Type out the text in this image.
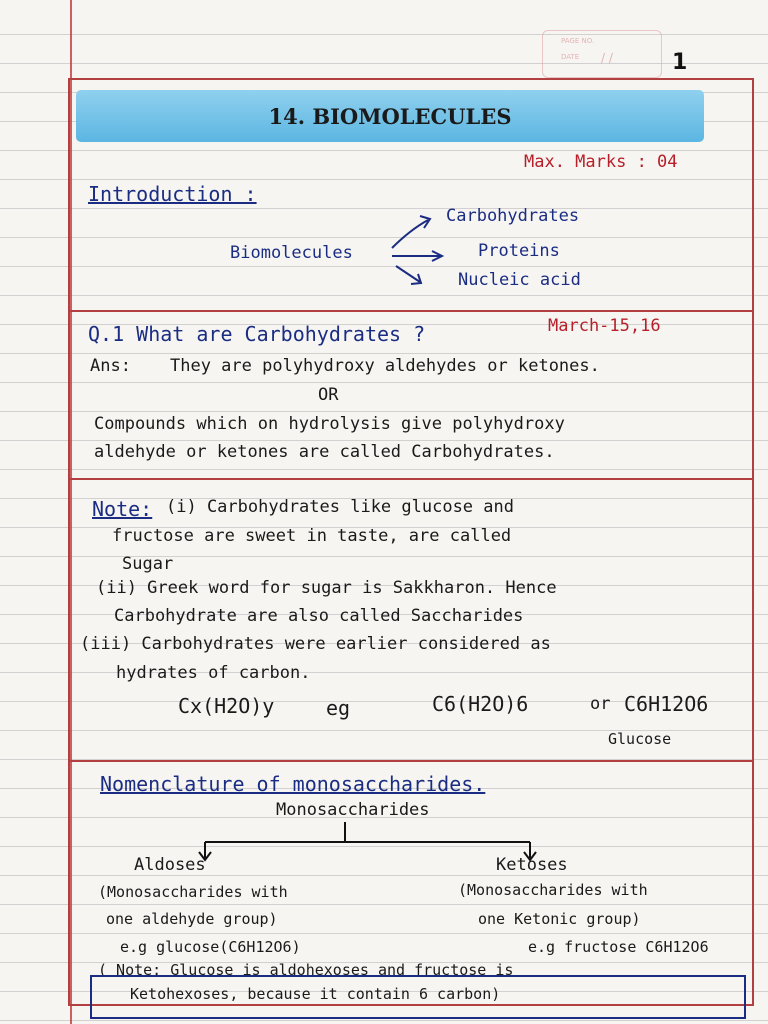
PAGE NO.
DATE / /	1
14. BIOMOLECULES
Max. Marks : 04
Introduction :
Biomolecules
Carbohydrates
Proteins
Nucleic acid
Q.1 What are Carbohydrates ?	March-15,16
Ans: They are polyhydroxy aldehydes or ketones.
OR
Compounds which on hydrolysis give polyhydroxy
aldehyde or ketones are called Carbohydrates.
Note: (i) Carbohydrates like glucose and
fructose are sweet in taste, are called
Sugar
(ii) Greek word for sugar is Sakkharon. Hence
Carbohydrate are also called Saccharides
(iii) Carbohydrates were earlier considered as
hydrates of carbon.
Cx(H2O)y	eg	C6(H2O)6	or C6H12O6
Glucose
Nomenclature of monosaccharides.
Monosaccharides
Aldoses
(Monosaccharides with
one aldehyde group)
e.g glucose(C6H12O6)
Ketoses
(Monosaccharides with
one Ketonic group)
e.g fructose C6H12O6
( Note: Glucose is aldohexoses and fructose is
Ketohexoses, because it contain 6 carbon)
